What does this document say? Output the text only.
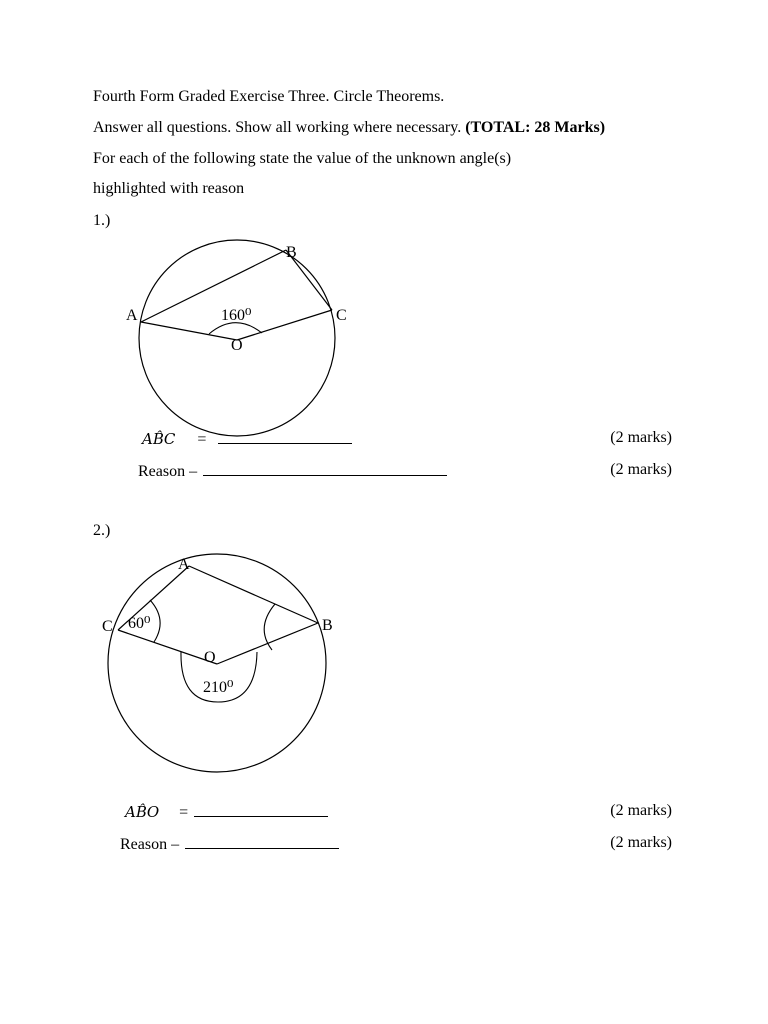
Fourth Form Graded Exercise Three. Circle Theorems.
Answer all questions. Show all working where necessary. (TOTAL: 28 Marks)
For each of the following state the value of the unknown angle(s)
highlighted with reason
1.)
A
B
C
O
160⁰
A
B
C
O
60⁰
210⁰
AB̂C =	(2 marks)
Reason –	(2 marks)
2.)
AB̂O =	(2 marks)
Reason –	(2 marks)
